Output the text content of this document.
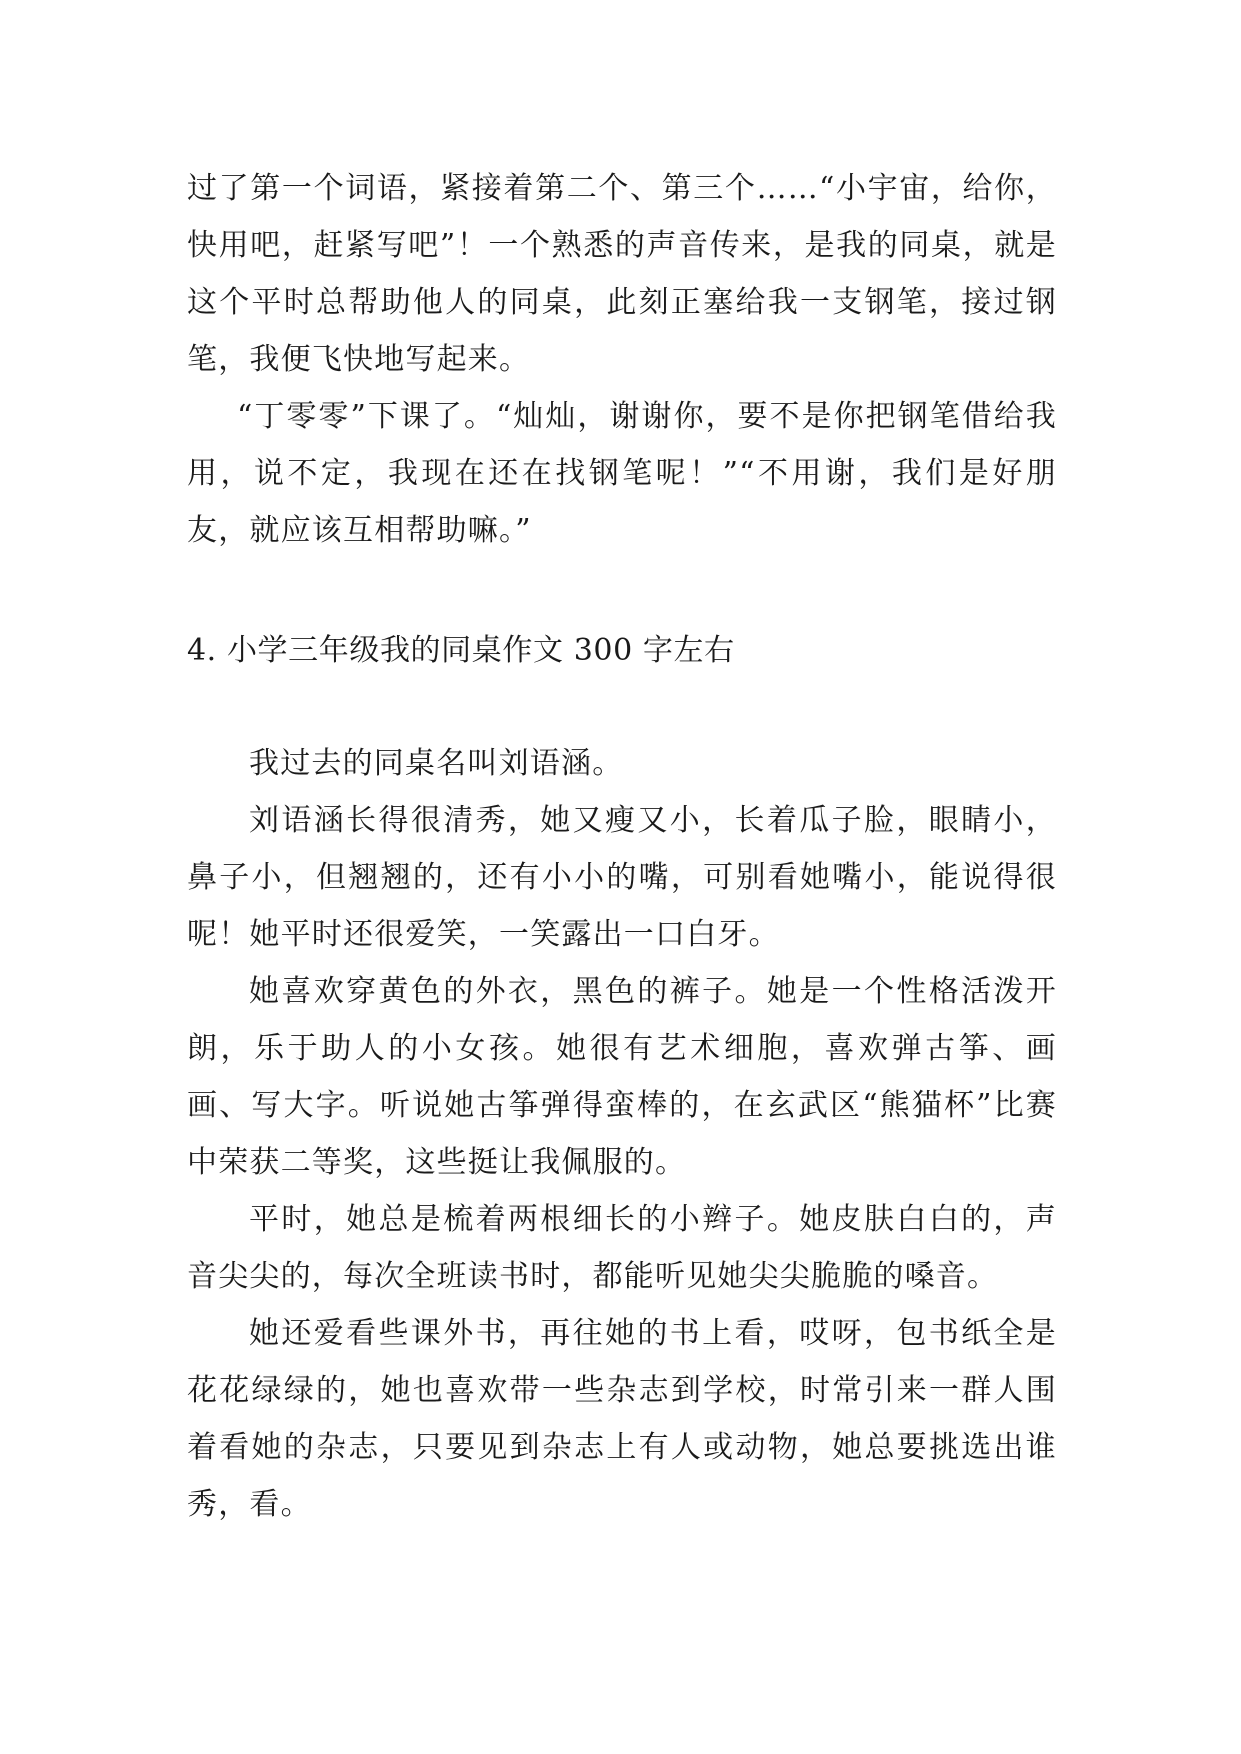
过了第一个词语，紧接着第二个、第三个……“小宇宙，给你，快用吧，赶紧写吧”！一个熟悉的声音传来，是我的同桌，就是这个平时总帮助他人的同桌，此刻正塞给我一支钢笔，接过钢笔，我便飞快地写起来。

“丁零零”下课了。“灿灿，谢谢你，要不是你把钢笔借给我用，说不定，我现在还在找钢笔呢！”“不用谢，我们是好朋友，就应该互相帮助嘛。”

4. 小学三年级我的同桌作文 300 字左右

我过去的同桌名叫刘语涵。

刘语涵长得很清秀，她又瘦又小，长着瓜子脸，眼睛小，鼻子小，但翘翘的，还有小小的嘴，可别看她嘴小，能说得很呢！她平时还很爱笑，一笑露出一口白牙。

她喜欢穿黄色的外衣，黑色的裤子。她是一个性格活泼开朗，乐于助人的小女孩。她很有艺术细胞，喜欢弹古筝、画画、写大字。听说她古筝弹得蛮棒的，在玄武区“熊猫杯”比赛中荣获二等奖，这些挺让我佩服的。

平时，她总是梳着两根细长的小辫子。她皮肤白白的，声音尖尖的，每次全班读书时，都能听见她尖尖脆脆的嗓音。

她还爱看些课外书，再往她的书上看，哎呀，包书纸全是花花绿绿的，她也喜欢带一些杂志到学校，时常引来一群人围着看她的杂志，只要见到杂志上有人或动物，她总要挑选出谁秀，看。
